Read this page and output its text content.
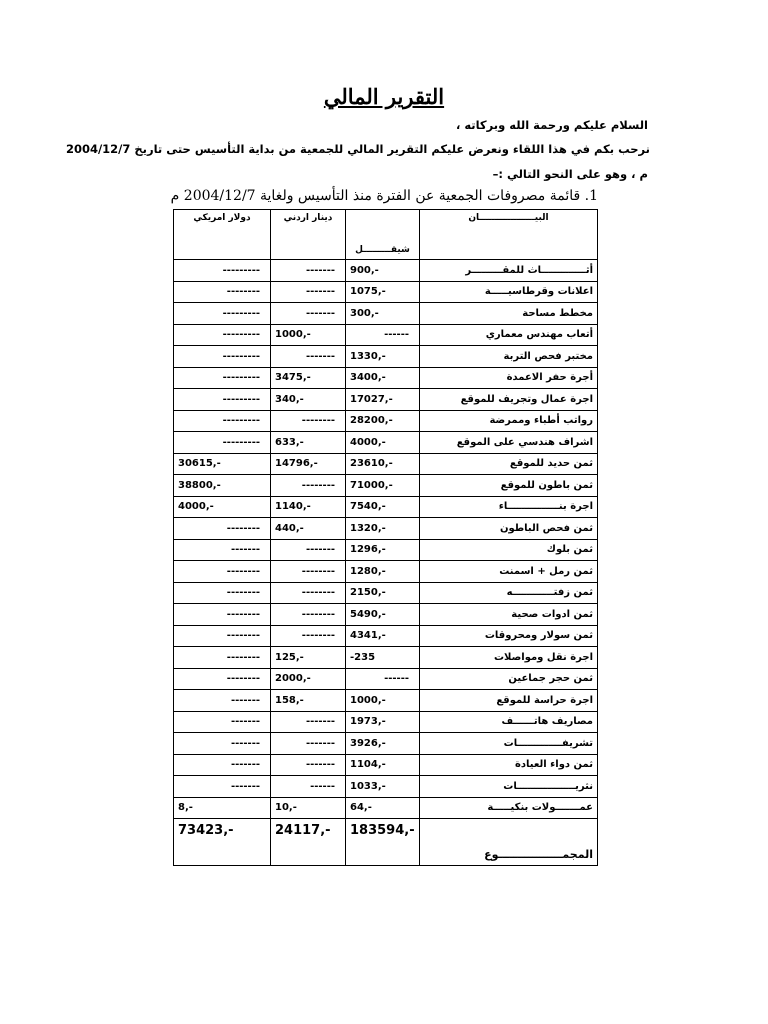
التقرير المالي
السلام عليكم ورحمة الله وبركاته ،
نرحب بكم في هذا اللقاء ونعرض عليكم التقرير المالي للجمعية من بداية التأسيس حتى تاريخ 2004/12/7
م ، وهو على النحو التالي :–
1. قائمة مصروفات الجمعية عن الفترة منذ التأسيس ولغاية 2004/12/7 م
البيــــــــــــــــــان	شيقـــــــــل	دينار اردني	دولار امريكي
أثـــــــــــــاث للمقـــــــــر	900,-	-------	---------
اعلانات وقرطاسيـــــة	1075,-	-------	--------
مخطط مساحة	300,-	-------	---------
أتعاب مهندس معماري	------	1000,-	---------
مختبر فحص التربة	1330,-	-------	---------
أجرة حفر الاعمدة	3400,-	3475,-	---------
اجرة عمال وتجريف للموقع	17027,-	340,-	---------
رواتب أطباء وممرضة	28200,-	--------	---------
اشراف هندسي على الموقع	4000,-	633,-	---------
ثمن حديد للموقع	23610,-	14796,-	30615,-
ثمن باطون للموقع	71000,-	--------	38800,-
اجرة بنـــــــــــــــاء	7540,-	1140,-	4000,-
ثمن فحص الباطون	1320,-	440,-	--------
ثمن بلوك	1296,-	-------	-------
ثمن رمل + اسمنت	1280,-	--------	--------
ثمن زفتــــــــــــه	2150,-	--------	--------
ثمن ادوات صحية	5490,-	--------	--------
ثمن سولار ومحروقات	4341,-	--------	--------
اجرة نقل ومواصلات	-235	125,-	--------
ثمن حجر جماعين	------	2000,-	--------
اجرة حراسة للموقع	1000,-	158,-	-------
مصاريف هاتــــــف	1973,-	-------	-------
تشريفـــــــــــــات	3926,-	-------	-------
ثمن دواء العيادة	1104,-	-------	-------
نثريـــــــــــــــــات	1033,-	------	-------
عمـــــــولات بنكيـــــة	64,-	10,-	8,-
المجمـــــــــــــــــوع	183594,-	24117,-	73423,-
